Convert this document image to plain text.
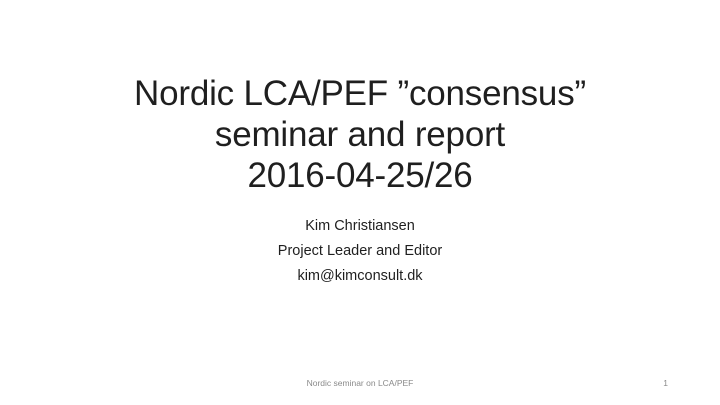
Nordic LCA/PEF ”consensus”
seminar and report
2016-04-25/26
Kim Christiansen
Project Leader and Editor
kim@kimconsult.dk
Nordic seminar on LCA/PEF	1
